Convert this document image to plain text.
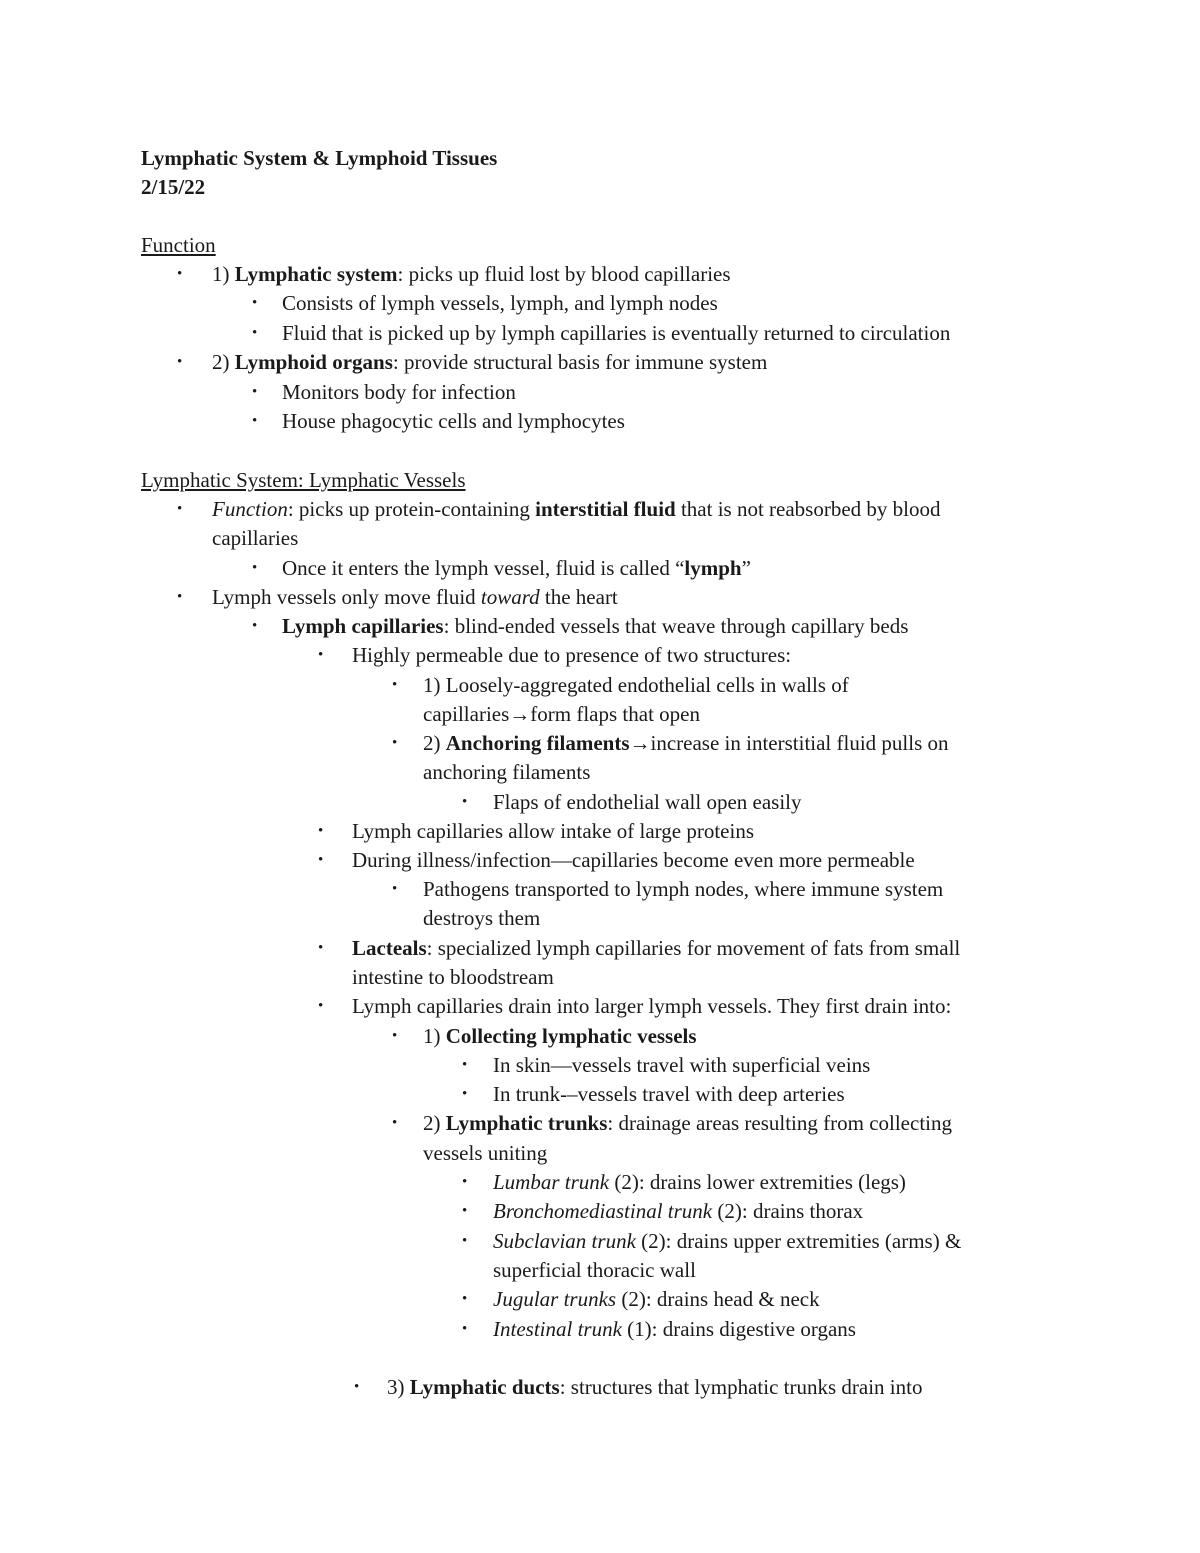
Lymphatic System & Lymphoid Tissues
2/15/22
Function
• 1) Lymphatic system: picks up fluid lost by blood capillaries
• Consists of lymph vessels, lymph, and lymph nodes
• Fluid that is picked up by lymph capillaries is eventually returned to circulation
• 2) Lymphoid organs: provide structural basis for immune system
• Monitors body for infection
• House phagocytic cells and lymphocytes
Lymphatic System: Lymphatic Vessels
• Function: picks up protein-containing interstitial fluid that is not reabsorbed by blood
capillaries
• Once it enters the lymph vessel, fluid is called “lymph”
• Lymph vessels only move fluid toward the heart
• Lymph capillaries: blind-ended vessels that weave through capillary beds
• Highly permeable due to presence of two structures:
• 1) Loosely-aggregated endothelial cells in walls of
capillaries→form flaps that open
• 2) Anchoring filaments→increase in interstitial fluid pulls on
anchoring filaments
• Flaps of endothelial wall open easily
• Lymph capillaries allow intake of large proteins
• During illness/infection—capillaries become even more permeable
• Pathogens transported to lymph nodes, where immune system
destroys them
• Lacteals: specialized lymph capillaries for movement of fats from small
intestine to bloodstream
• Lymph capillaries drain into larger lymph vessels. They first drain into:
• 1) Collecting lymphatic vessels
• In skin—vessels travel with superficial veins
• In trunk-–vessels travel with deep arteries
• 2) Lymphatic trunks: drainage areas resulting from collecting
vessels uniting
• Lumbar trunk (2): drains lower extremities (legs)
• Bronchomediastinal trunk (2): drains thorax
• Subclavian trunk (2): drains upper extremities (arms) &
superficial thoracic wall
• Jugular trunks (2): drains head & neck
• Intestinal trunk (1): drains digestive organs
• 3) Lymphatic ducts: structures that lymphatic trunks drain into
